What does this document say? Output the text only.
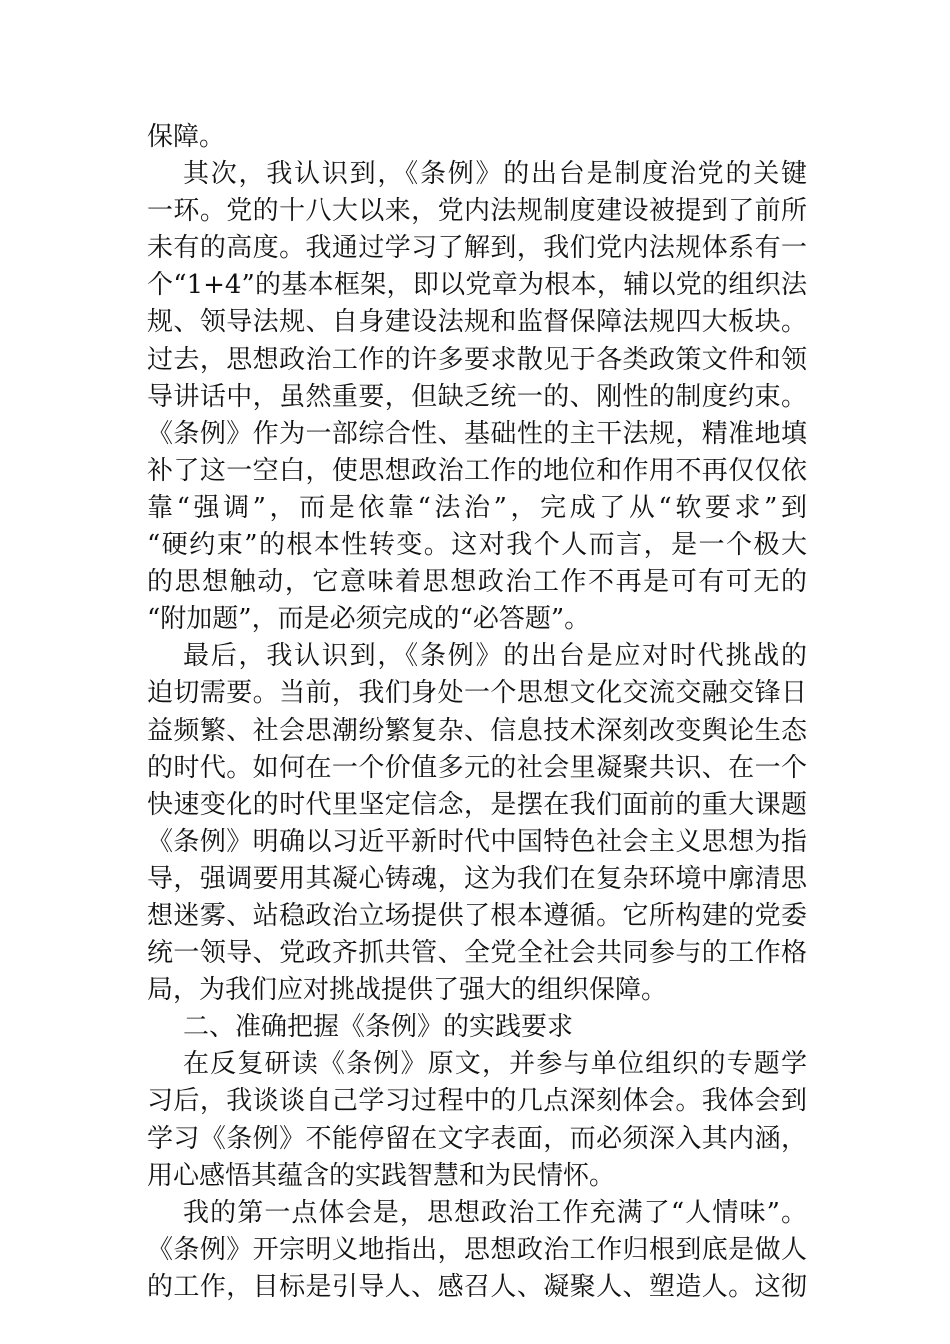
保障。
其次，我认识到，《条例》的出台是制度治党的关键
一环。党的十八大以来，党内法规制度建设被提到了前所
未有的高度。我通过学习了解到，我们党内法规体系有一
个“1+4”的基本框架，即以党章为根本，辅以党的组织法
规、领导法规、自身建设法规和监督保障法规四大板块。
过去，思想政治工作的许多要求散见于各类政策文件和领
导讲话中，虽然重要，但缺乏统一的、刚性的制度约束。
《条例》作为一部综合性、基础性的主干法规，精准地填
补了这一空白，使思想政治工作的地位和作用不再仅仅依
靠“强调”，而是依靠“法治”，完成了从“软要求”到
“硬约束”的根本性转变。这对我个人而言，是一个极大
的思想触动，它意味着思想政治工作不再是可有可无的
“附加题”，而是必须完成的“必答题”。
最后，我认识到，《条例》的出台是应对时代挑战的
迫切需要。当前，我们身处一个思想文化交流交融交锋日
益频繁、社会思潮纷繁复杂、信息技术深刻改变舆论生态
的时代。如何在一个价值多元的社会里凝聚共识、在一个
快速变化的时代里坚定信念，是摆在我们面前的重大课题
《条例》明确以习近平新时代中国特色社会主义思想为指
导，强调要用其凝心铸魂，这为我们在复杂环境中廓清思
想迷雾、站稳政治立场提供了根本遵循。它所构建的党委
统一领导、党政齐抓共管、全党全社会共同参与的工作格
局，为我们应对挑战提供了强大的组织保障。
二、准确把握《条例》的实践要求
在反复研读《条例》原文，并参与单位组织的专题学
习后，我谈谈自己学习过程中的几点深刻体会。我体会到
学习《条例》不能停留在文字表面，而必须深入其内涵，
用心感悟其蕴含的实践智慧和为民情怀。
我的第一点体会是，思想政治工作充满了“人情味”。
《条例》开宗明义地指出，思想政治工作归根到底是做人
的工作，目标是引导人、感召人、凝聚人、塑造人。这彻
